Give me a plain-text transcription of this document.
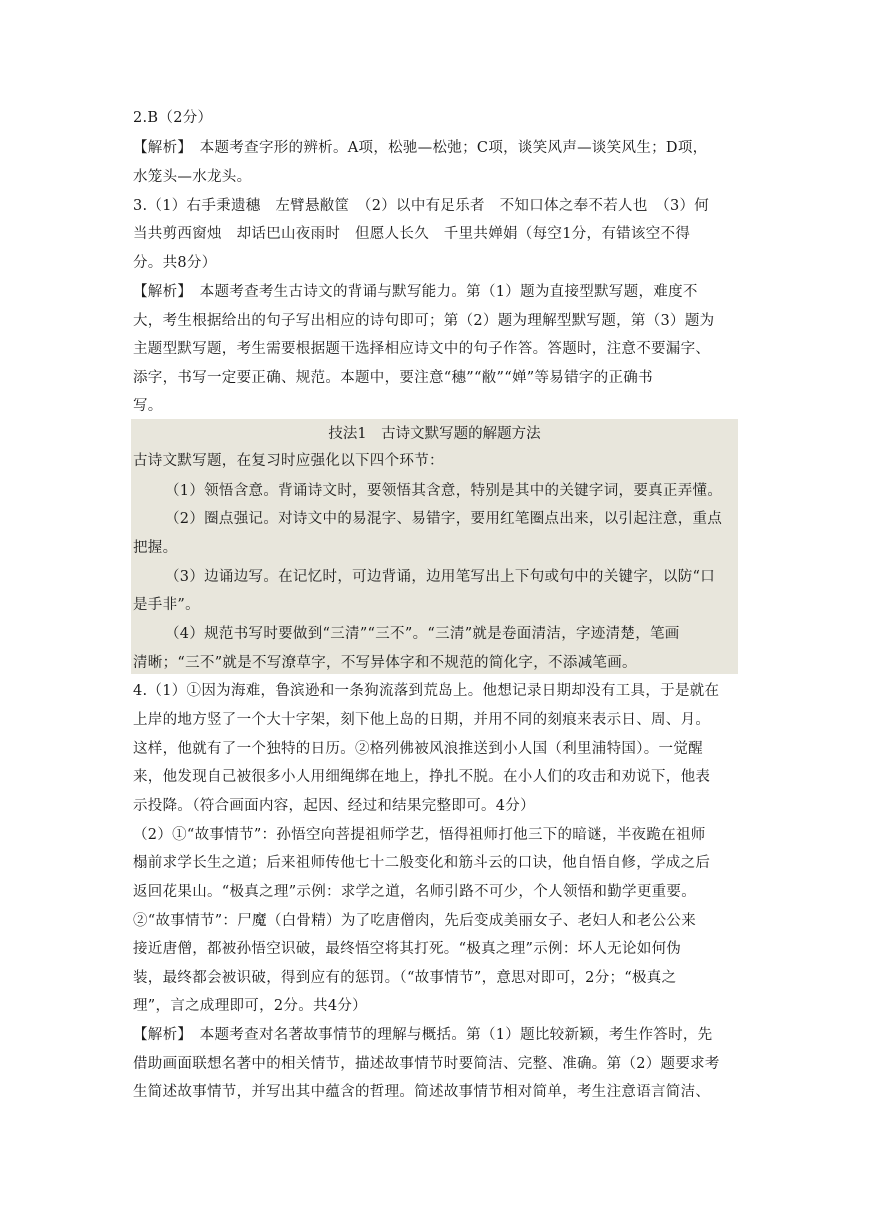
2.B（2分）
【解析】　本题考查字形的辨析。A项，松驰—松弛；C项，谈笑风声—谈笑风生；D项，
水笼头—水龙头。
3.（1）右手秉遗穗　左臂悬敝筐　（2）以中有足乐者　不知口体之奉不若人也　（3）何
当共剪西窗烛　却话巴山夜雨时　但愿人长久　千里共婵娟（每空1分，有错该空不得
分。共8分）
【解析】　本题考查考生古诗文的背诵与默写能力。第（1）题为直接型默写题，难度不
大，考生根据给出的句子写出相应的诗句即可；第（2）题为理解型默写题，第（3）题为
主题型默写题，考生需要根据题干选择相应诗文中的句子作答。答题时，注意不要漏字、
添字，书写一定要正确、规范。本题中，要注意“穗”“敝”“婵”等易错字的正确书
写。
技法1　古诗文默写题的解题方法
古诗文默写题，在复习时应强化以下四个环节：
（1）领悟含意。背诵诗文时，要领悟其含意，特别是其中的关键字词，要真正弄懂。
（2）圈点强记。对诗文中的易混字、易错字，要用红笔圈点出来，以引起注意，重点
把握。
（3）边诵边写。在记忆时，可边背诵，边用笔写出上下句或句中的关键字，以防“口
是手非”。
（4）规范书写时要做到“三清”“三不”。“三清”就是卷面清洁，字迹清楚，笔画
清晰；“三不”就是不写潦草字，不写异体字和不规范的简化字，不添减笔画。
4.（1）①因为海难，鲁滨逊和一条狗流落到荒岛上。他想记录日期却没有工具，于是就在
上岸的地方竖了一个大十字架，刻下他上岛的日期，并用不同的刻痕来表示日、周、月。
这样，他就有了一个独特的日历。②格列佛被风浪推送到小人国（利里浦特国）。一觉醒
来，他发现自己被很多小人用细绳绑在地上，挣扎不脱。在小人们的攻击和劝说下，他表
示投降。（符合画面内容，起因、经过和结果完整即可。4分）
（2）①“故事情节”：孙悟空向菩提祖师学艺，悟得祖师打他三下的暗谜，半夜跪在祖师
榻前求学长生之道；后来祖师传他七十二般变化和筋斗云的口诀，他自悟自修，学成之后
返回花果山。“极真之理”示例：求学之道，名师引路不可少，个人领悟和勤学更重要。
②“故事情节”：尸魔（白骨精）为了吃唐僧肉，先后变成美丽女子、老妇人和老公公来
接近唐僧，都被孙悟空识破，最终悟空将其打死。“极真之理”示例：坏人无论如何伪
装，最终都会被识破，得到应有的惩罚。（“故事情节”，意思对即可，2分；“极真之
理”，言之成理即可，2分。共4分）
【解析】　本题考查对名著故事情节的理解与概括。第（1）题比较新颖，考生作答时，先
借助画面联想名著中的相关情节，描述故事情节时要简洁、完整、准确。第（2）题要求考
生简述故事情节，并写出其中蕴含的哲理。简述故事情节相对简单，考生注意语言简洁、
